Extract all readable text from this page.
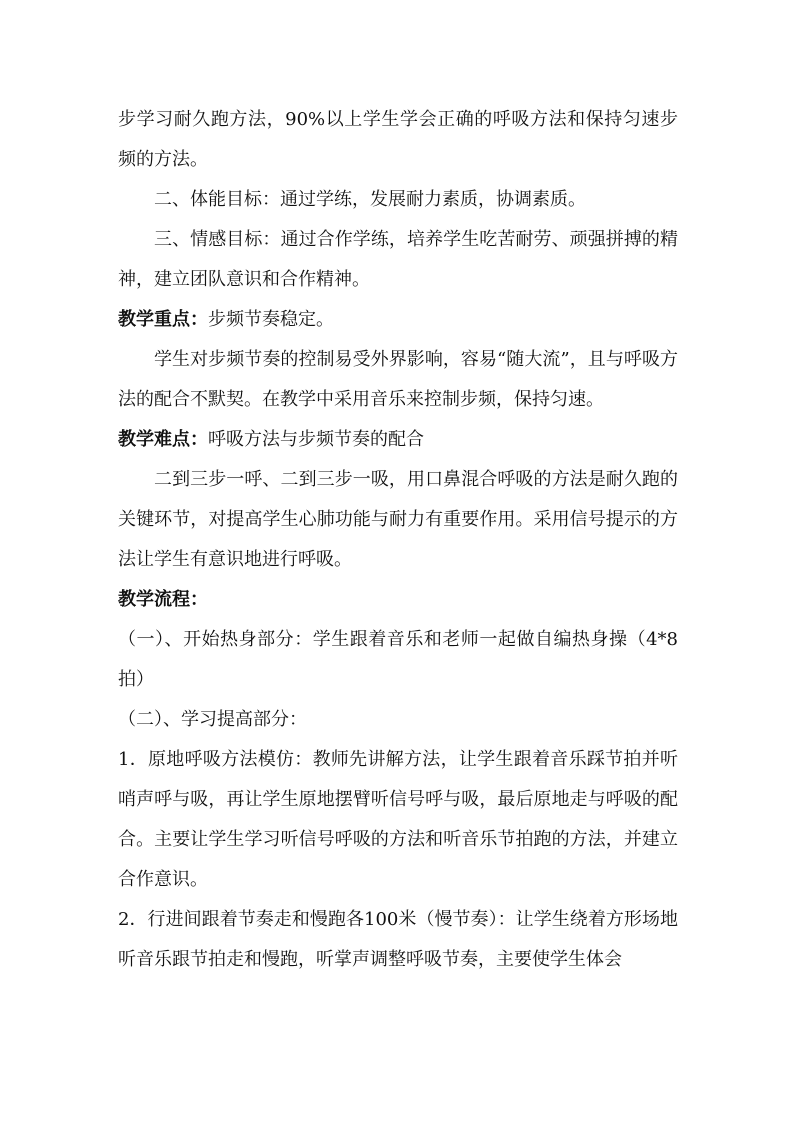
步学习耐久跑方法，90%以上学生学会正确的呼吸方法和保持匀速步频的方法。

二、体能目标：通过学练，发展耐力素质，协调素质。

三、情感目标：通过合作学练，培养学生吃苦耐劳、顽强拼搏的精神，建立团队意识和合作精神。

教学重点：步频节奏稳定。

学生对步频节奏的控制易受外界影响，容易“随大流”，且与呼吸方法的配合不默契。在教学中采用音乐来控制步频，保持匀速。

教学难点：呼吸方法与步频节奏的配合

二到三步一呼、二到三步一吸，用口鼻混合呼吸的方法是耐久跑的关键环节，对提高学生心肺功能与耐力有重要作用。采用信号提示的方法让学生有意识地进行呼吸。

教学流程：

（一）、开始热身部分：学生跟着音乐和老师一起做自编热身操（4*8拍）

（二）、学习提高部分：

1．原地呼吸方法模仿：教师先讲解方法，让学生跟着音乐踩节拍并听哨声呼与吸，再让学生原地摆臂听信号呼与吸，最后原地走与呼吸的配合。主要让学生学习听信号呼吸的方法和听音乐节拍跑的方法，并建立合作意识。

2．行进间跟着节奏走和慢跑各100米（慢节奏）：让学生绕着方形场地听音乐跟节拍走和慢跑，听掌声调整呼吸节奏，主要使学生体会
